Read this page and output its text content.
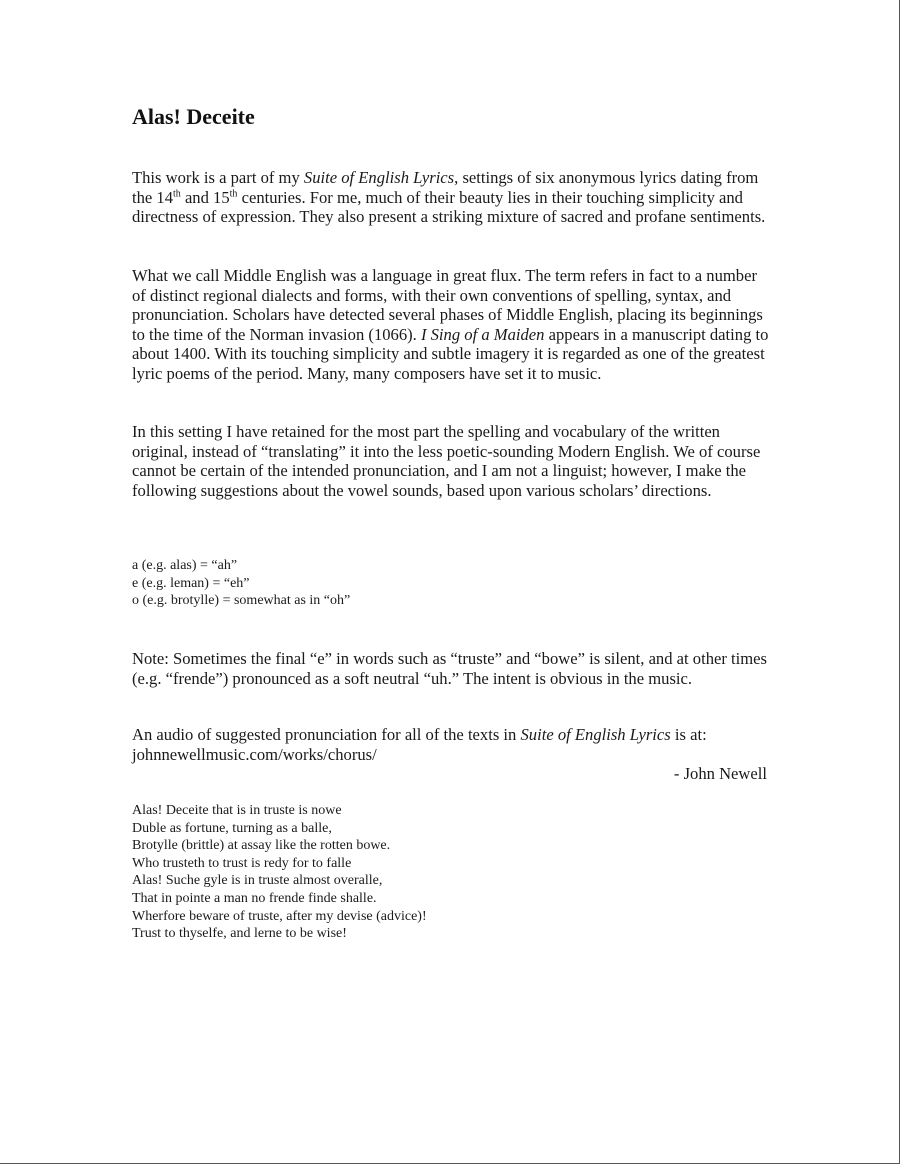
Alas! Deceite

This work is a part of my Suite of English Lyrics, settings of six anonymous lyrics dating from the 14th and 15th centuries. For me, much of their beauty lies in their touching simplicity and directness of expression. They also present a striking mixture of sacred and profane sentiments.

What we call Middle English was a language in great flux. The term refers in fact to a number of distinct regional dialects and forms, with their own conventions of spelling, syntax, and pronunciation. Scholars have detected several phases of Middle English, placing its beginnings to the time of the Norman invasion (1066). I Sing of a Maiden appears in a manuscript dating to about 1400. With its touching simplicity and subtle imagery it is regarded as one of the greatest lyric poems of the period. Many, many composers have set it to music.

In this setting I have retained for the most part the spelling and vocabulary of the written original, instead of “translating” it into the less poetic-sounding Modern English. We of course cannot be certain of the intended pronunciation, and I am not a linguist; however, I make the following suggestions about the vowel sounds, based upon various scholars’ directions.

a (e.g. alas) = “ah”
e (e.g. leman) = “eh”
o (e.g. brotylle) = somewhat as in “oh”

Note: Sometimes the final “e” in words such as “truste” and “bowe” is silent, and at other times (e.g. “frende”) pronounced as a soft neutral “uh.” The intent is obvious in the music.

An audio of suggested pronunciation for all of the texts in Suite of English Lyrics is at: johnnewellmusic.com/works/chorus/

- John Newell

Alas! Deceite that is in truste is nowe
Duble as fortune, turning as a balle,
Brotylle (brittle) at assay like the rotten bowe.
Who trusteth to trust is redy for to falle
Alas! Suche gyle is in truste almost overalle,
That in pointe a man no frende finde shalle.
Wherfore beware of truste, after my devise (advice)!
Trust to thyselfe, and lerne to be wise!
